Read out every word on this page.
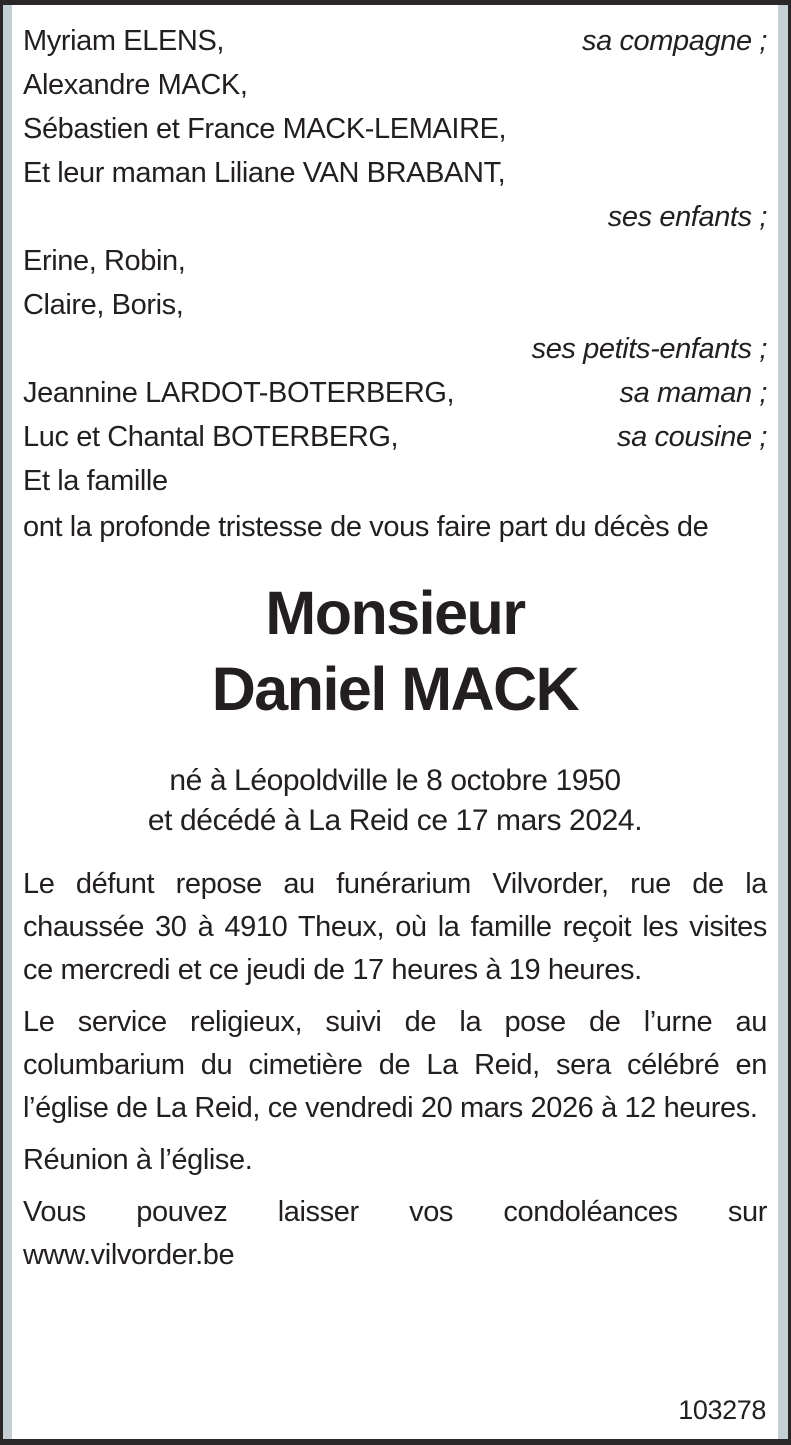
Myriam ELENS,	sa compagne ;
Alexandre MACK,
Sébastien et France MACK-LEMAIRE,
Et leur maman Liliane VAN BRABANT,
ses enfants ;
Erine, Robin,
Claire, Boris,
ses petits-enfants ;
Jeannine LARDOT-BOTERBERG,	sa maman ;
Luc et Chantal BOTERBERG,	sa cousine ;
Et la famille

ont la profonde tristesse de vous faire part du décès de

Monsieur
Daniel MACK
né à Léopoldville le 8 octobre 1950
et décédé à La Reid ce 17 mars 2024.

Le défunt repose au funérarium Vilvorder, rue de la chaussée 30 à 4910 Theux, où la famille reçoit les visites ce mercredi et ce jeudi de 17 heures à 19 heures.

Le service religieux, suivi de la pose de l’urne au columbarium du cimetière de La Reid, sera célébré en l’église de La Reid, ce vendredi 20 mars 2026 à 12 heures.

Réunion à l’église.

Vous pouvez laisser vos condoléances sur www.vilvorder.be

103278
